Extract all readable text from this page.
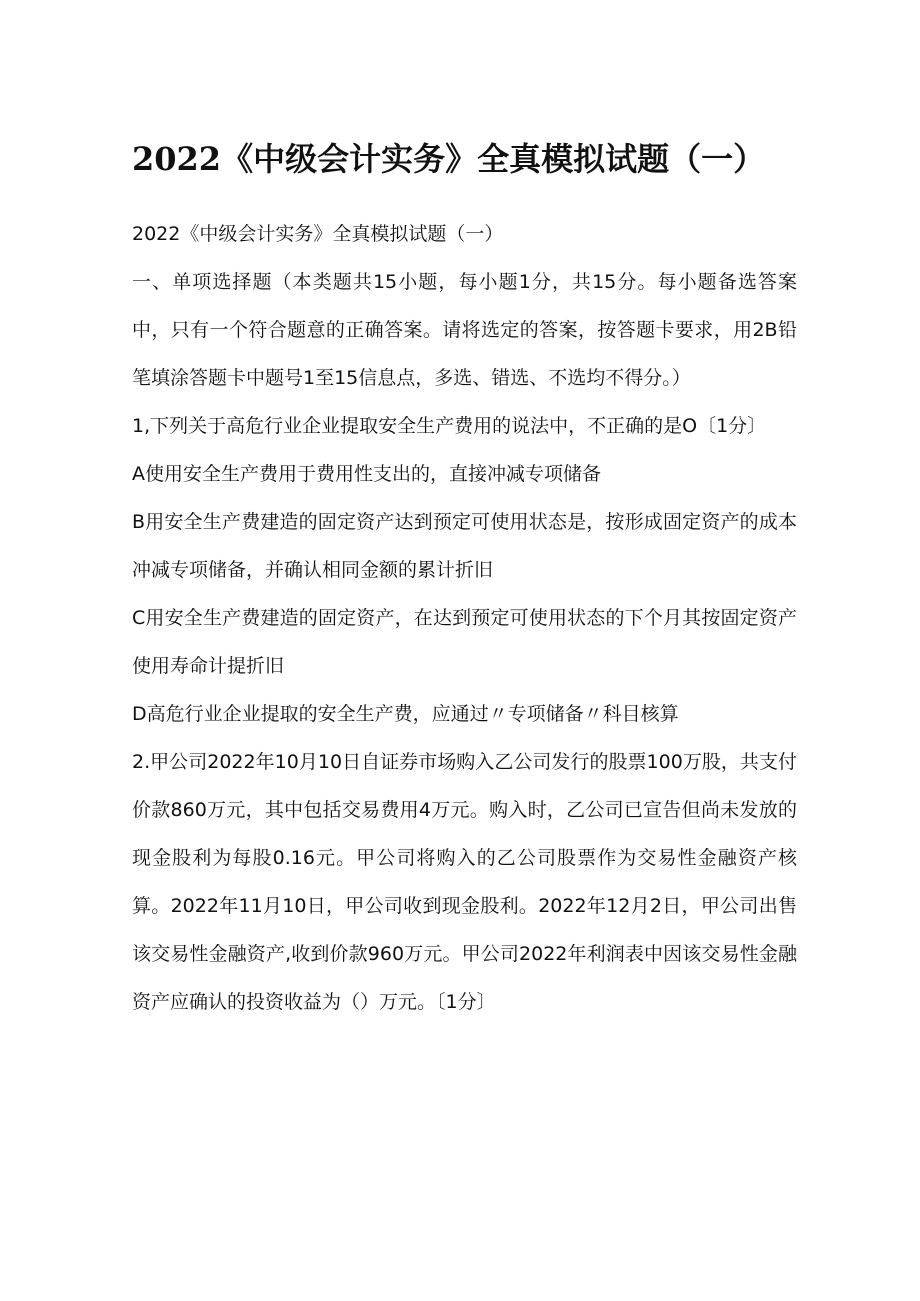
2022《中级会计实务》全真模拟试题（一）

2022《中级会计实务》全真模拟试题（一）

一、单项选择题（本类题共15小题，每小题1分，共15分。每小题备选答案中，只有一个符合题意的正确答案。请将选定的答案，按答题卡要求，用2B铅笔填涂答题卡中题号1至15信息点，多选、错选、不选均不得分。）

1,下列关于高危行业企业提取安全生产费用的说法中，不正确的是O〔1分〕

A使用安全生产费用于费用性支出的，直接冲减专项储备

B用安全生产费建造的固定资产达到预定可使用状态是，按形成固定资产的成本冲减专项储备，并确认相同金额的累计折旧

C用安全生产费建造的固定资产，在达到预定可使用状态的下个月其按固定资产使用寿命计提折旧

D高危行业企业提取的安全生产费，应通过〃专项储备〃科目核算

2.甲公司2022年10月10日自证券市场购入乙公司发行的股票100万股，共支付价款860万元，其中包括交易费用4万元。购入时，乙公司已宣告但尚未发放的现金股利为每股0.16元。甲公司将购入的乙公司股票作为交易性金融资产核算。2022年11月10日，甲公司收到现金股利。2022年12月2日，甲公司出售该交易性金融资产,收到价款960万元。甲公司2022年利润表中因该交易性金融资产应确认的投资收益为（）万元。〔1分〕
